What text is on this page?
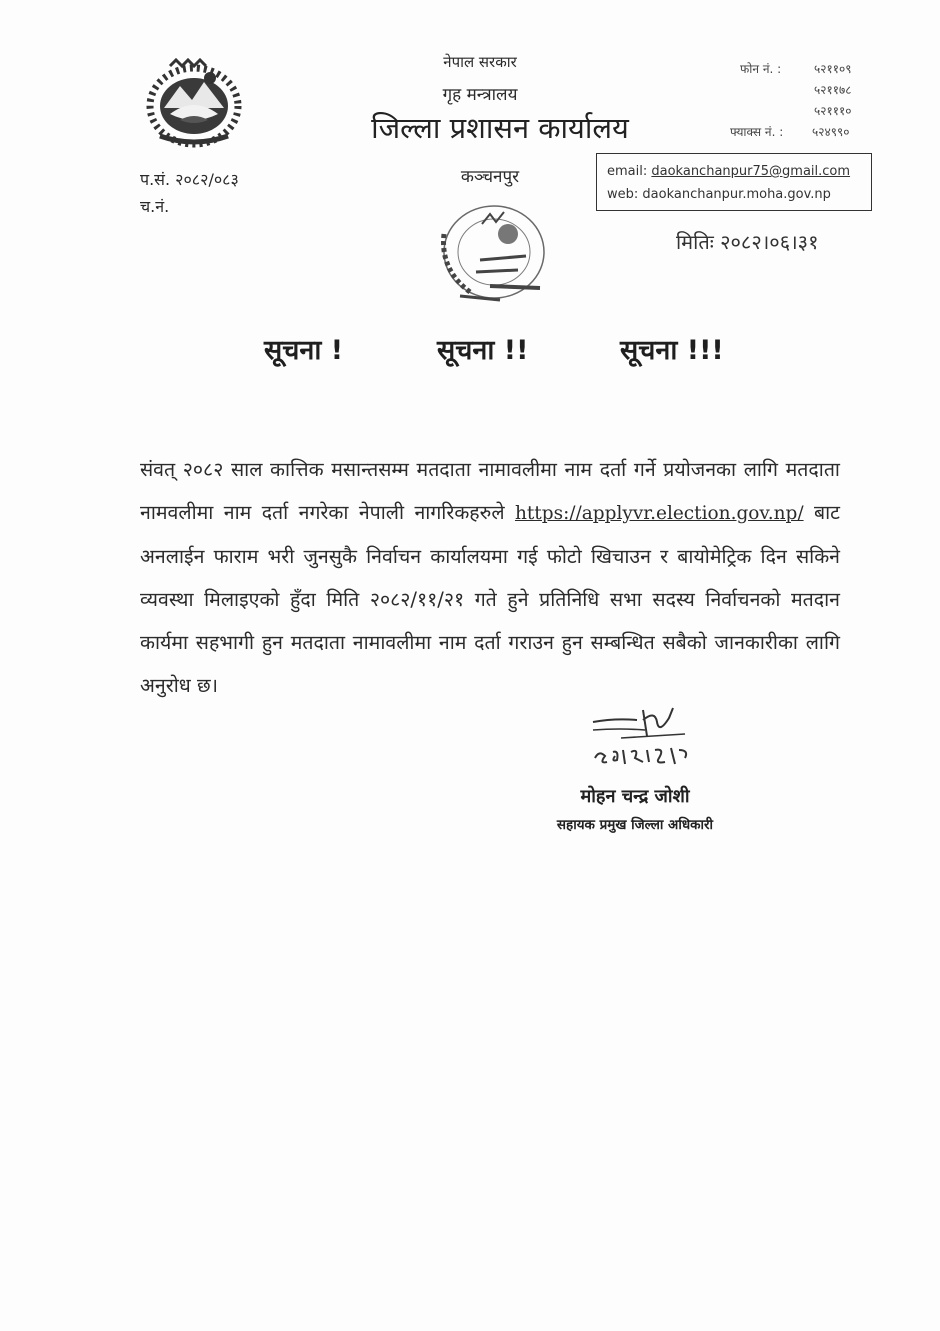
नेपाल सरकार
गृह मन्त्रालय
जिल्ला प्रशासन कार्यालय
कञ्चनपुर
फोन नं. :	५२११०९
५२११७८
५२१११०
फ्याक्स नं. : ५२४९९०
email: daokanchanpur75@gmail.com
web: daokanchanpur.moha.gov.np
प.सं. २०८२/०८३
च.नं.
मितिः २०८२।०६।३१
सूचना !	सूचना !!	सूचना !!!
संवत् २०८२ साल कात्तिक मसान्तसम्म मतदाता नामावलीमा नाम दर्ता गर्ने प्रयोजनका लागि मतदाता नामवलीमा नाम दर्ता नगरेका नेपाली नागरिकहरुले https://applyvr.election.gov.np/ बाट अनलाईन फाराम भरी जुनसुकै निर्वाचन कार्यालयमा गई फोटो खिचाउन र बायोमेट्रिक दिन सकिने व्यवस्था मिलाइएको हुँदा मिति २०८२/११/२१ गते हुने प्रतिनिधि सभा सदस्य निर्वाचनको मतदान कार्यमा सहभागी हुन मतदाता नामावलीमा नाम दर्ता गराउन हुन सम्बन्धित सबैको जानकारीका लागि अनुरोध छ।
मोहन चन्द्र जोशी
सहायक प्रमुख जिल्ला अधिकारी
